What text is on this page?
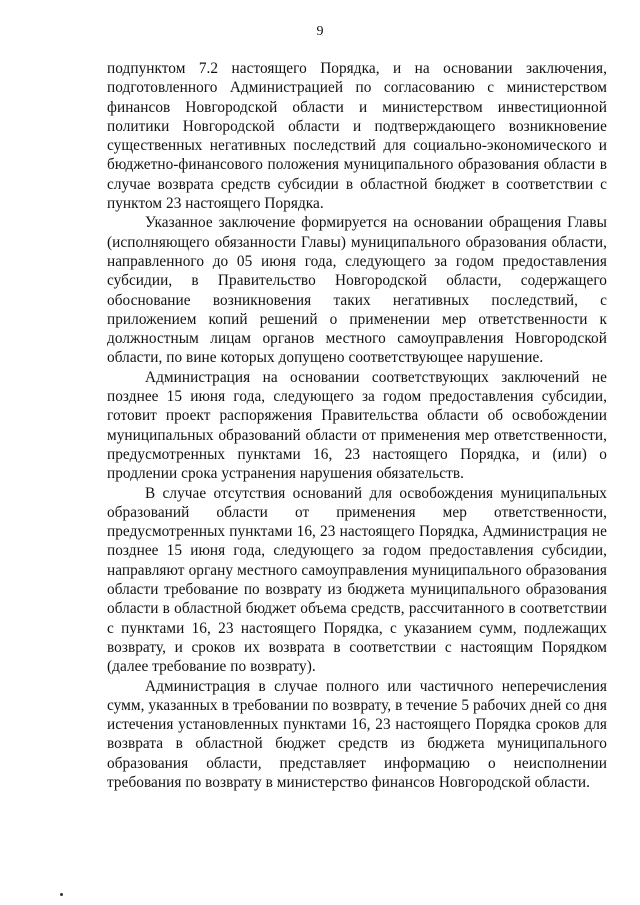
9

подпунктом 7.2 настоящего Порядка, и на основании заключения, подготовленного Администрацией по согласованию с министерством финансов Новгородской области и министерством инвестиционной политики Новгородской области и подтверждающего возникновение существенных негативных последствий для социально-экономического и бюджетно-финансового положения муниципального образования области в случае возврата средств субсидии в областной бюджет в соответствии с пунктом 23 настоящего Порядка.

Указанное заключение формируется на основании обращения Главы (исполняющего обязанности Главы) муниципального образования области, направленного до 05 июня года, следующего за годом предоставления субсидии, в Правительство Новгородской области, содержащего обоснование возникновения таких негативных последствий, с приложением копий решений о применении мер ответственности к должностным лицам органов местного самоуправления Новгородской области, по вине которых допущено соответствующее нарушение.

Администрация на основании соответствующих заключений не позднее 15 июня года, следующего за годом предоставления субсидии, готовит проект распоряжения Правительства области об освобождении муниципальных образований области от применения мер ответственности, предусмотренных пунктами 16, 23 настоящего Порядка, и (или) о продлении срока устранения нарушения обязательств.

В случае отсутствия оснований для освобождения муниципальных образований области от применения мер ответственности, предусмотренных пунктами 16, 23 настоящего Порядка, Администрация не позднее 15 июня года, следующего за годом предоставления субсидии, направляют органу местного самоуправления муниципального образования области требование по возврату из бюджета муниципального образования области в областной бюджет объема средств, рассчитанного в соответствии с пунктами 16, 23 настоящего Порядка, с указанием сумм, подлежащих возврату, и сроков их возврата в соответствии с настоящим Порядком (далее требование по возврату).

Администрация в случае полного или частичного неперечисления сумм, указанных в требовании по возврату, в течение 5 рабочих дней со дня истечения установленных пунктами 16, 23 настоящего Порядка сроков для возврата в областной бюджет средств из бюджета муниципального образования области, представляет информацию о неисполнении требования по возврату в министерство финансов Новгородской области.
